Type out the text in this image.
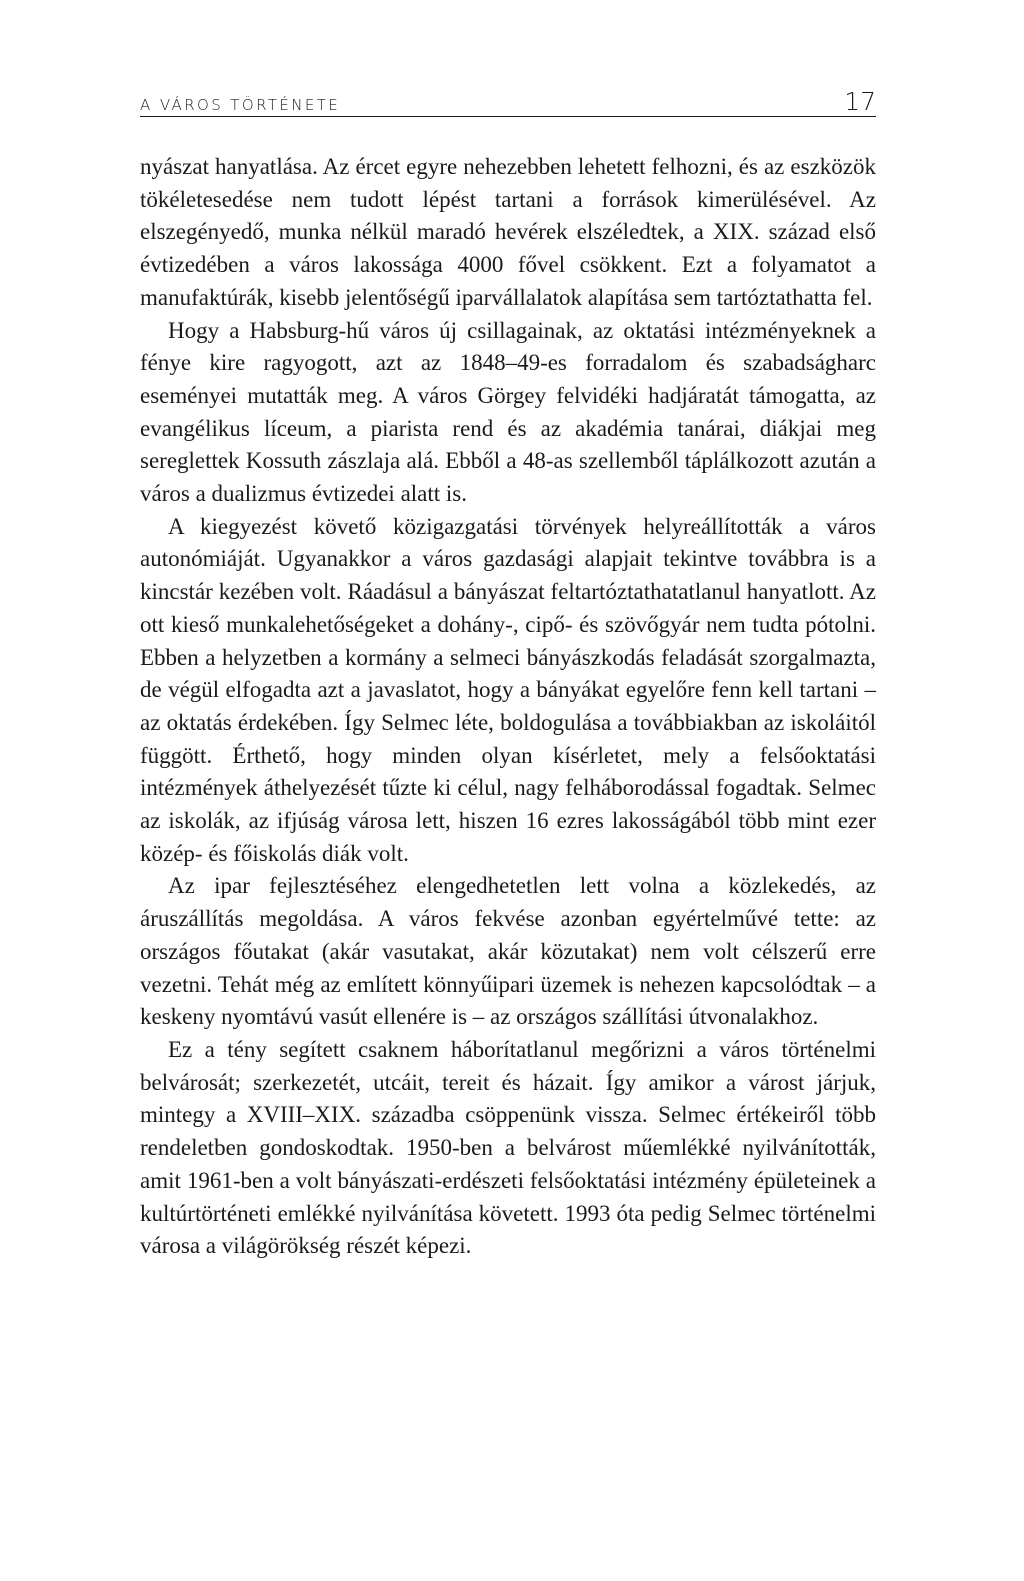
A VÁROS TÖRTÉNETE	17

nyászat hanyatlása. Az ércet egyre nehezebben lehetett felhozni, és az eszközök tökéletesedése nem tudott lépést tartani a források kimerülésével. Az elszegényedő, munka nélkül maradó hevérek elszéledtek, a XIX. század első évtizedében a város lakossága 4000 fővel csökkent. Ezt a folyamatot a manufaktúrák, kisebb jelentőségű iparvállalatok alapítása sem tartóztathatta fel.

Hogy a Habsburg-hű város új csillagainak, az oktatási intézményeknek a fénye kire ragyogott, azt az 1848–49-es forradalom és szabadságharc eseményei mutatták meg. A város Görgey felvidéki hadjáratát támogatta, az evangélikus líceum, a piarista rend és az akadémia tanárai, diákjai meg sereglettek Kossuth zászlaja alá. Ebből a 48-as szellemből táplálkozott azután a város a dualizmus évtizedei alatt is.

A kiegyezést követő közigazgatási törvények helyreállították a város autonómiáját. Ugyanakkor a város gazdasági alapjait tekintve továbbra is a kincstár kezében volt. Ráadásul a bányászat feltartóztathatatlanul hanyatlott. Az ott kieső munkalehetőségeket a dohány-, cipő- és szövőgyár nem tudta pótolni. Ebben a helyzetben a kormány a selmeci bányászkodás feladását szorgalmazta, de végül elfogadta azt a javaslatot, hogy a bányákat egyelőre fenn kell tartani – az oktatás érdekében. Így Selmec léte, boldogulása a továbbiakban az iskoláitól függött. Érthető, hogy minden olyan kísérletet, mely a felsőoktatási intézmények áthelyezését tűzte ki célul, nagy felháborodással fogadtak. Selmec az iskolák, az ifjúság városa lett, hiszen 16 ezres lakosságából több mint ezer közép- és főiskolás diák volt.

Az ipar fejlesztéséhez elengedhetetlen lett volna a közlekedés, az áruszállítás megoldása. A város fekvése azonban egyértelművé tette: az országos főutakat (akár vasutakat, akár közutakat) nem volt célszerű erre vezetni. Tehát még az említett könnyűipari üzemek is nehezen kapcsolódtak – a keskeny nyomtávú vasút ellenére is – az országos szállítási útvonalakhoz.

Ez a tény segített csaknem háborítatlanul megőrizni a város történelmi belvárosát; szerkezetét, utcáit, tereit és házait. Így amikor a várost járjuk, mintegy a XVIII–XIX. századba csöppenünk vissza. Selmec értékeiről több rendeletben gondoskodtak. 1950-ben a belvárost műemlékké nyilvánították, amit 1961-ben a volt bányászati-erdészeti felsőoktatási intézmény épületeinek a kultúrtörténeti emlékké nyilvánítása követett. 1993 óta pedig Selmec történelmi városa a világörökség részét képezi.
